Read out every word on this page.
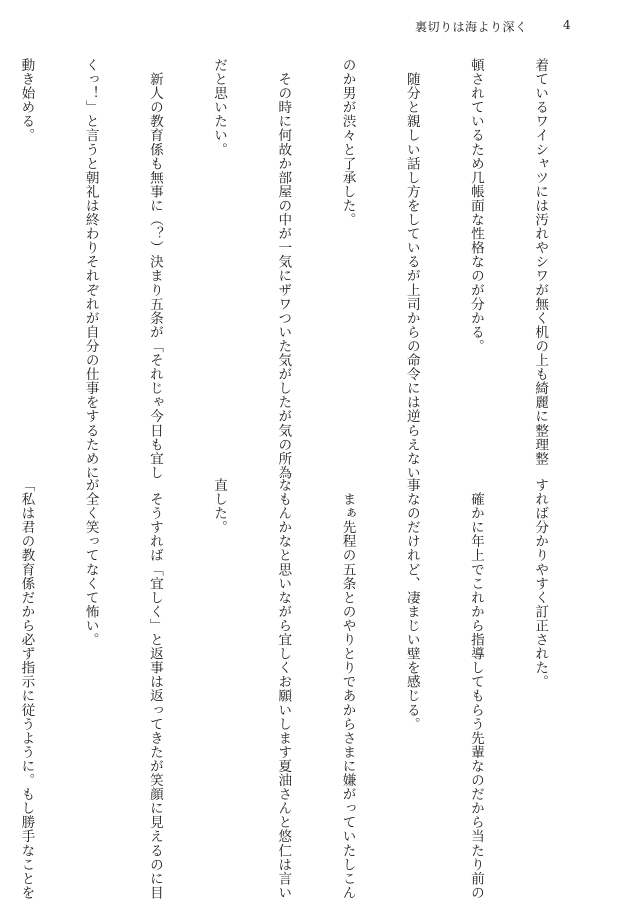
裏切りは海より深く	4

着ているワイシャツには汚れやシワが無く机の上も綺麗に整理整

頓されているため几帳面な性格なのが分かる。

　随分と親しい話し方をしているが上司からの命令には逆らえない

のか男が渋々と了承した。

　その時に何故か部屋の中が一気にザワついた気がしたが気の所為

だと思いたい。

　新人の教育係も無事に（？）決まり五条が「それじゃ今日も宜し

くっ！」と言うと朝礼は終わりそれぞれが自分の仕事をするために

動き始める。

すれば分かりやすく訂正された。

　確かに年上でこれから指導してもらう先輩なのだから当たり前の

事なのだけれど、凄まじい壁を感じる。

　まぁ先程の五条とのやりとりであからさまに嫌がっていたしこん

なもんかなと思いながら宜しくお願いします夏油さんと悠仁は言い

直した。

　そうすれば「宜しく」と返事は返ってきたが笑顔に見えるのに目

が全く笑ってなくて怖い。

「私は君の教育係だから必ず指示に従うように。もし勝手なことを
